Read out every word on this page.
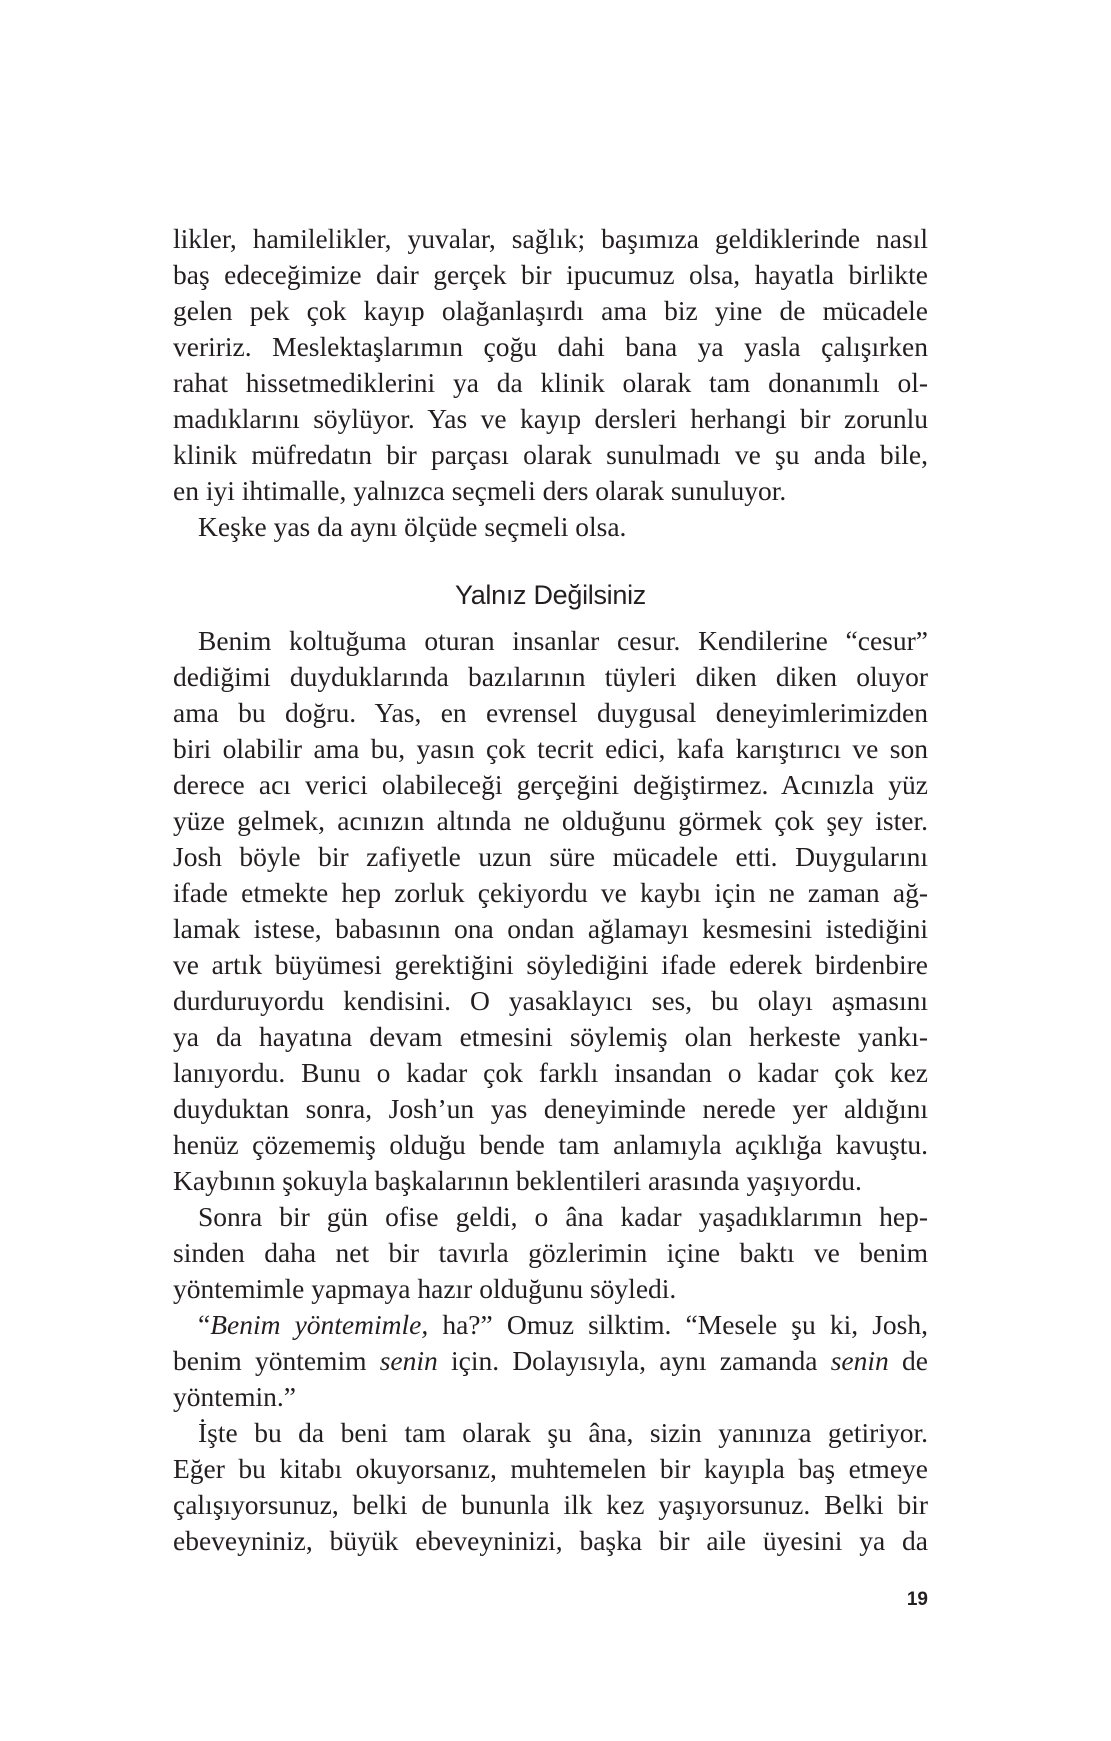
likler, hamilelikler, yuvalar, sağlık; başımıza geldiklerinde nasıl
baş edeceğimize dair gerçek bir ipucumuz olsa, hayatla birlikte
gelen pek çok kayıp olağanlaşırdı ama biz yine de mücadele
veririz. Meslektaşlarımın çoğu dahi bana ya yasla çalışırken
rahat hissetmediklerini ya da klinik olarak tam donanımlı ol-
madıklarını söylüyor. Yas ve kayıp dersleri herhangi bir zorunlu
klinik müfredatın bir parçası olarak sunulmadı ve şu anda bile,
en iyi ihtimalle, yalnızca seçmeli ders olarak sunuluyor.
Keşke yas da aynı ölçüde seçmeli olsa.
Yalnız Değilsiniz
Benim koltuğuma oturan insanlar cesur. Kendilerine “cesur”
dediğimi duyduklarında bazılarının tüyleri diken diken oluyor
ama bu doğru. Yas, en evrensel duygusal deneyimlerimizden
biri olabilir ama bu, yasın çok tecrit edici, kafa karıştırıcı ve son
derece acı verici olabileceği gerçeğini değiştirmez. Acınızla yüz
yüze gelmek, acınızın altında ne olduğunu görmek çok şey ister.
Josh böyle bir zafiyetle uzun süre mücadele etti. Duygularını
ifade etmekte hep zorluk çekiyordu ve kaybı için ne zaman ağ-
lamak istese, babasının ona ondan ağlamayı kesmesini istediğini
ve artık büyümesi gerektiğini söylediğini ifade ederek birdenbire
durduruyordu kendisini. O yasaklayıcı ses, bu olayı aşmasını
ya da hayatına devam etmesini söylemiş olan herkeste yankı-
lanıyordu. Bunu o kadar çok farklı insandan o kadar çok kez
duyduktan sonra, Josh’un yas deneyiminde nerede yer aldığını
henüz çözememiş olduğu bende tam anlamıyla açıklığa kavuştu.
Kaybının şokuyla başkalarının beklentileri arasında yaşıyordu.
Sonra bir gün ofise geldi, o âna kadar yaşadıklarımın hep-
sinden daha net bir tavırla gözlerimin içine baktı ve benim
yöntemimle yapmaya hazır olduğunu söyledi.
“Benim yöntemimle, ha?” Omuz silktim. “Mesele şu ki, Josh,
benim yöntemim senin için. Dolayısıyla, aynı zamanda senin de
yöntemin.”
İşte bu da beni tam olarak şu âna, sizin yanınıza getiriyor.
Eğer bu kitabı okuyorsanız, muhtemelen bir kayıpla baş etmeye
çalışıyorsunuz, belki de bununla ilk kez yaşıyorsunuz. Belki bir
ebeveyniniz, büyük ebeveyninizi, başka bir aile üyesini ya da
19
